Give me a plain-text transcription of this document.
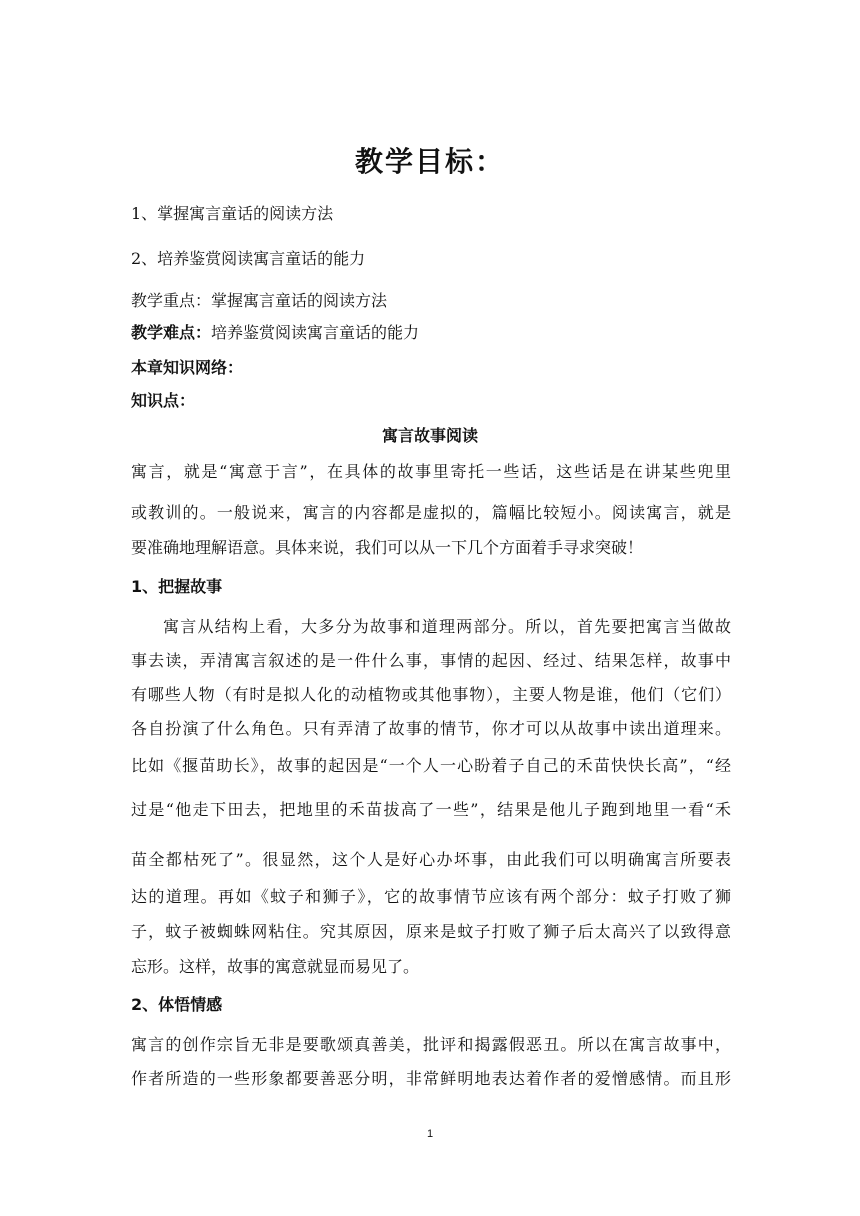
教学目标：
1、掌握寓言童话的阅读方法
2、培养鉴赏阅读寓言童话的能力
教学重点：掌握寓言童话的阅读方法
教学难点：培养鉴赏阅读寓言童话的能力
本章知识网络：
知识点：
寓言故事阅读
寓言，就是“寓意于言”，在具体的故事里寄托一些话，这些话是在讲某些兜里
或教训的。一般说来，寓言的内容都是虚拟的，篇幅比较短小。阅读寓言，就是
要准确地理解语意。具体来说，我们可以从一下几个方面着手寻求突破！
1、把握故事
寓言从结构上看，大多分为故事和道理两部分。所以，首先要把寓言当做故
事去读，弄清寓言叙述的是一件什么事，事情的起因、经过、结果怎样，故事中
有哪些人物（有时是拟人化的动植物或其他事物），主要人物是谁，他们（它们）
各自扮演了什么角色。只有弄清了故事的情节，你才可以从故事中读出道理来。
比如《揠苗助长》，故事的起因是“一个人一心盼着子自己的禾苗快快长高”，“经
过是“他走下田去，把地里的禾苗拔高了一些”，结果是他儿子跑到地里一看“禾
苗全都枯死了”。很显然，这个人是好心办坏事，由此我们可以明确寓言所要表
达的道理。再如《蚊子和狮子》，它的故事情节应该有两个部分：蚊子打败了狮
子，蚊子被蜘蛛网粘住。究其原因，原来是蚊子打败了狮子后太高兴了以致得意
忘形。这样，故事的寓意就显而易见了。
2、体悟情感
寓言的创作宗旨无非是要歌颂真善美，批评和揭露假恶丑。所以在寓言故事中，
作者所造的一些形象都要善恶分明，非常鲜明地表达着作者的爱憎感情。而且形
1
